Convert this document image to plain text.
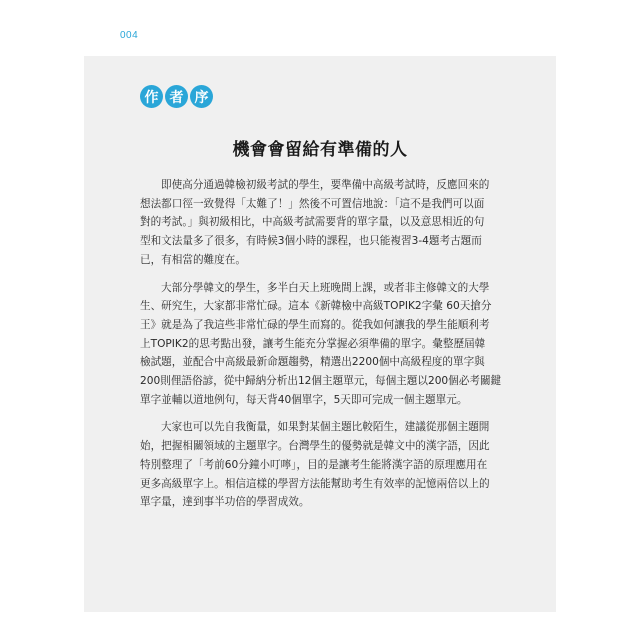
004
作 者 序
機會會留給有準備的人

即使高分通過韓檢初級考試的學生，要準備中高級考試時，反應回來的
想法都口徑一致覺得「太難了！」然後不可置信地說：「這不是我們可以面
對的考試。」與初級相比，中高級考試需要背的單字量，以及意思相近的句
型和文法量多了很多，有時候3個小時的課程，也只能複習3-4題考古題而
已，有相當的難度在。

大部分學韓文的學生，多半白天上班晚間上課，或者非主修韓文的大學
生、研究生，大家都非常忙碌。這本《新韓檢中高級TOPIK2字彙 60天搶分
王》就是為了我這些非常忙碌的學生而寫的。從我如何讓我的學生能順利考
上TOPIK2的思考點出發，讓考生能充分掌握必須準備的單字。彙整歷屆韓
檢試題，並配合中高級最新命題趨勢，精選出2200個中高級程度的單字與
200則俚語俗諺，從中歸納分析出12個主題單元，每個主題以200個必考關鍵
單字並輔以道地例句，每天背40個單字，5天即可完成一個主題單元。

大家也可以先自我衡量，如果對某個主題比較陌生，建議從那個主題開
始，把握相關領域的主題單字。台灣學生的優勢就是韓文中的漢字語，因此
特別整理了「考前60分鐘小叮嚀」，目的是讓考生能將漢字語的原理應用在
更多高級單字上。相信這樣的學習方法能幫助考生有效率的記憶兩倍以上的
單字量，達到事半功倍的學習成效。
